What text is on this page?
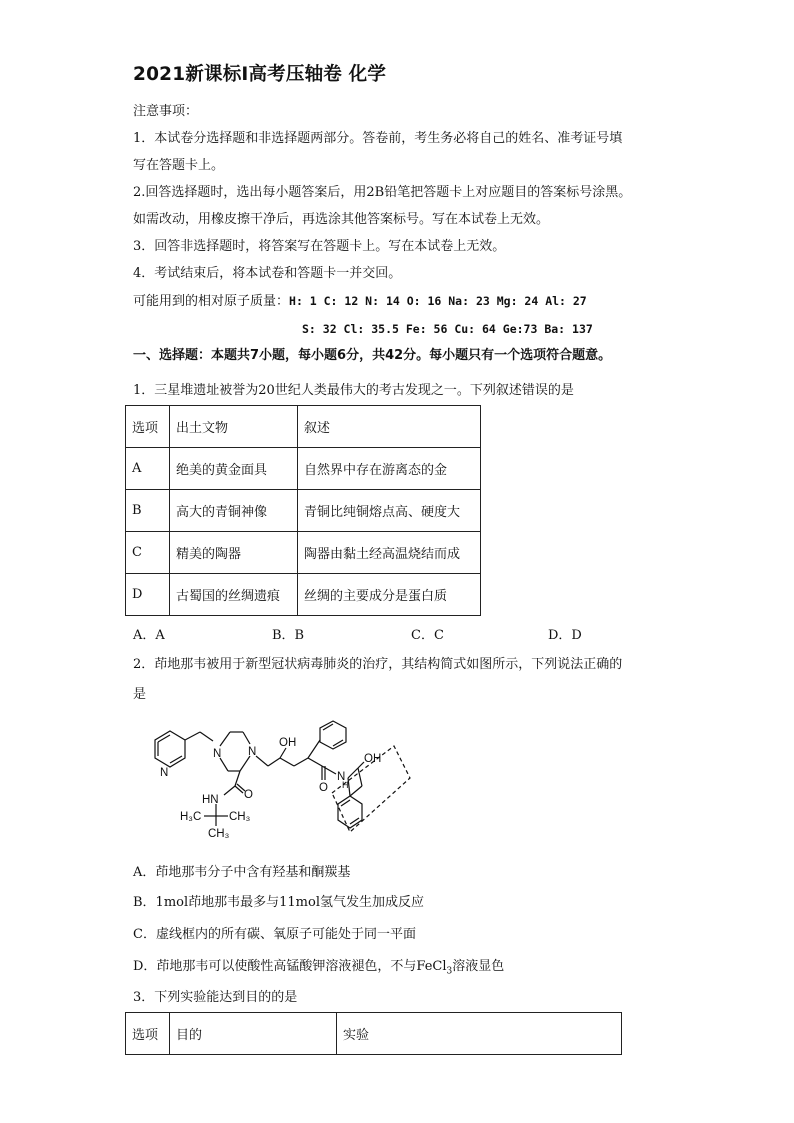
2021新课标Ⅰ高考压轴卷 化学
注意事项：
1．本试卷分选择题和非选择题两部分。答卷前，考生务必将自己的姓名、准考证号填
写在答题卡上。
2.回答选择题时，选出每小题答案后，用2B铅笔把答题卡上对应题目的答案标号涂黑。
如需改动，用橡皮擦干净后，再选涂其他答案标号。写在本试卷上无效。
3．回答非选择题时，将答案写在答题卡上。写在本试卷上无效。
4．考试结束后，将本试卷和答题卡一并交回。
可能用到的相对原子质量：H: 1 C: 12 N: 14 O: 16 Na: 23 Mg: 24 Al: 27
S: 32 Cl: 35.5 Fe: 56 Cu: 64 Ge:73 Ba: 137
一、选择题：本题共7小题，每小题6分，共42分。每小题只有一个选项符合题意。
1．三星堆遗址被誉为20世纪人类最伟大的考古发现之一。下列叙述错误的是
选项	出土文物	叙述
A	绝美的黄金面具	自然界中存在游离态的金
B	高大的青铜神像	青铜比纯铜熔点高、硬度大
C	精美的陶器	陶器由黏土经高温烧结而成
D	古蜀国的丝绸遗痕	丝绸的主要成分是蛋白质
A．A	B．B	C．C	D．D
2．茚地那韦被用于新型冠状病毒肺炎的治疗，其结构简式如图所示，下列说法正确的
是
N
N N
OH
O
HN
H₃C CH₃
CH₃
O
N
H
OH
A．茚地那韦分子中含有羟基和酮羰基
B．1mol茚地那韦最多与11mol氢气发生加成反应
C．虚线框内的所有碳、氧原子可能处于同一平面
D．茚地那韦可以使酸性高锰酸钾溶液褪色，不与FeCl$_3$溶液显色
3．下列实验能达到目的的是
选项	目的	实验
